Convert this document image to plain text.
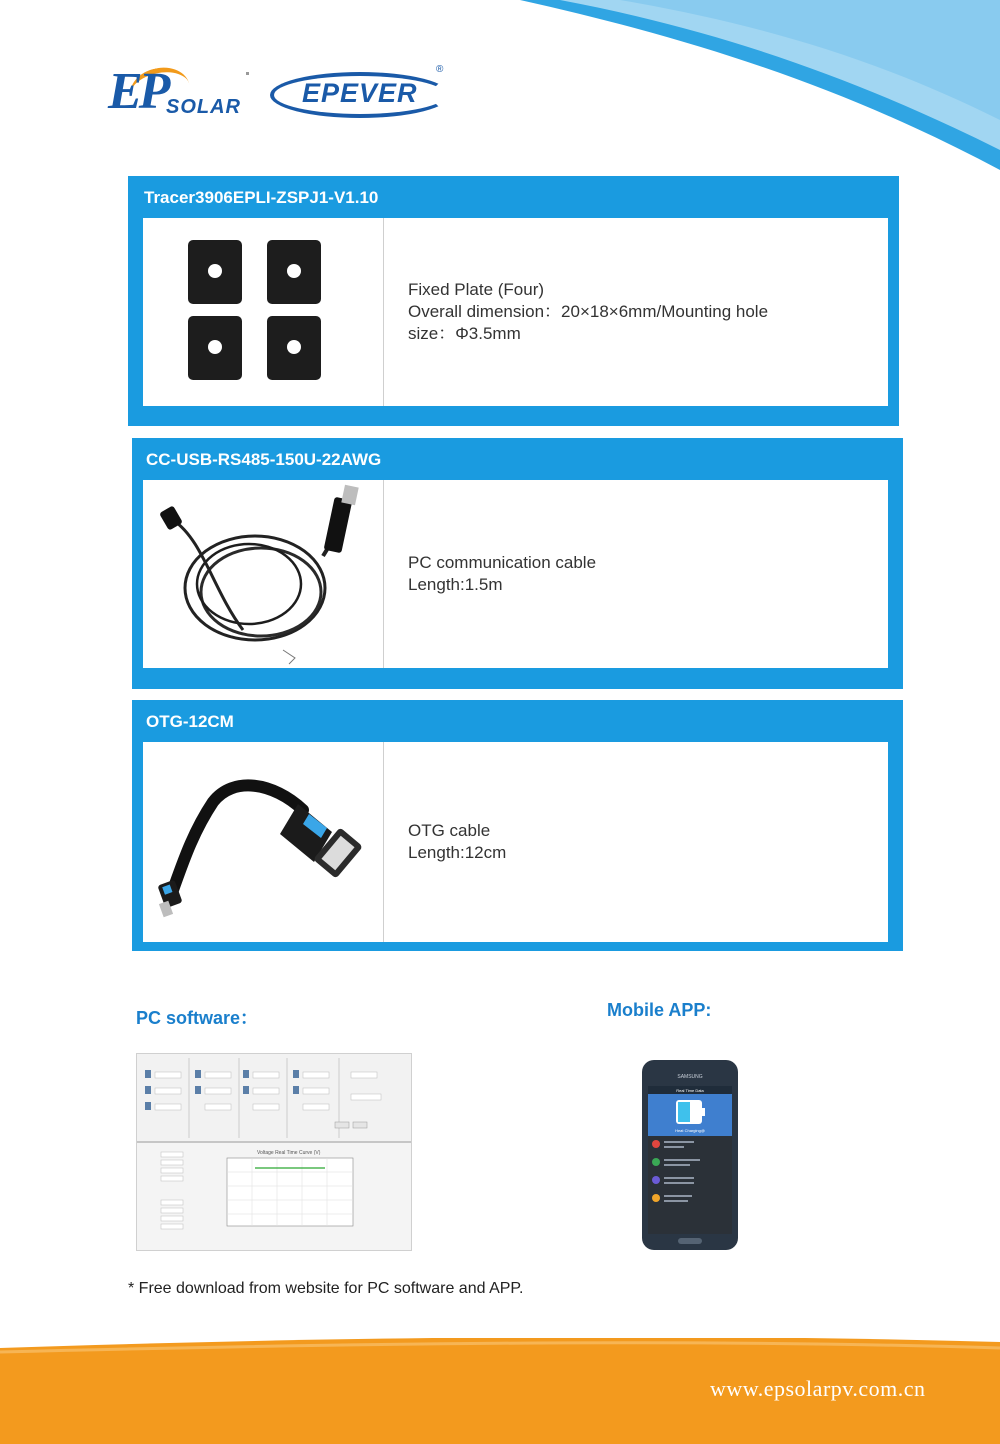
EP SOLAR EPEVER
®
Tracer3906EPLI-ZSPJ1-V1.10
Fixed Plate (Four)
Overall dimension：20×18×6mm/Mounting hole
size：Φ3.5mm
CC-USB-RS485-150U-22AWG
PC communication cable
Length:1.5m
OTG-12CM
OTG cable
Length:12cm
PC software：	Mobile APP:
Voltage Real Time Curve (V)
SAMSUNG
Real Time Data
Heat Charging@
* Free download from website for PC software and APP.
www.epsolarpv.com.cn
